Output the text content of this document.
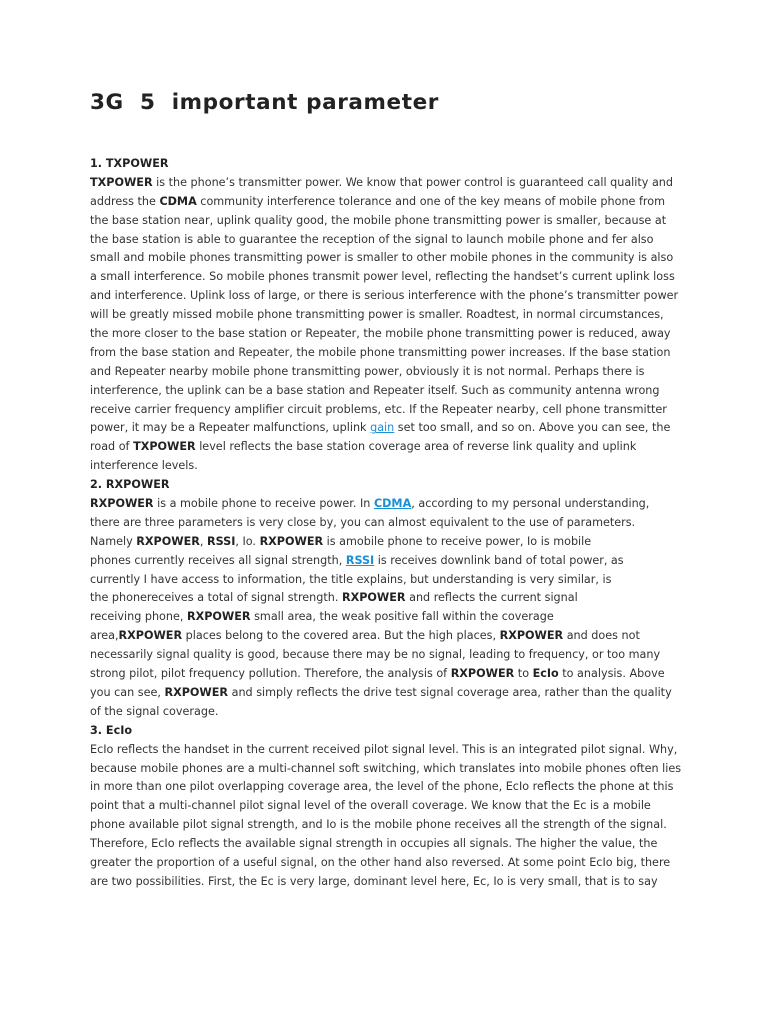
3G  5  important parameter
1. TXPOWER
TXPOWER is the phone’s transmitter power. We know that power control is guaranteed call quality and
address the CDMA community interference tolerance and one of the key means of mobile phone from
the base station near, uplink quality good, the mobile phone transmitting power is smaller, because at
the base station is able to guarantee the reception of the signal to launch mobile phone and fer also
small and mobile phones transmitting power is smaller to other mobile phones in the community is also
a small interference. So mobile phones transmit power level, reflecting the handset’s current uplink loss
and interference. Uplink loss of large, or there is serious interference with the phone’s transmitter power
will be greatly missed mobile phone transmitting power is smaller. Roadtest, in normal circumstances,
the more closer to the base station or Repeater, the mobile phone transmitting power is reduced, away
from the base station and Repeater, the mobile phone transmitting power increases. If the base station
and Repeater nearby mobile phone transmitting power, obviously it is not normal. Perhaps there is
interference, the uplink can be a base station and Repeater itself. Such as community antenna wrong
receive carrier frequency amplifier circuit problems, etc. If the Repeater nearby, cell phone transmitter
power, it may be a Repeater malfunctions, uplink gain set too small, and so on. Above you can see, the
road of TXPOWER level reflects the base station coverage area of reverse link quality and uplink
interference levels.
2. RXPOWER
RXPOWER is a mobile phone to receive power. In CDMA, according to my personal understanding,
there are three parameters is very close by, you can almost equivalent to the use of parameters.
Namely RXPOWER, RSSI, Io. RXPOWER is amobile phone to receive power, Io is mobile
phones currently receives all signal strength, RSSI is receives downlink band of total power, as
currently I have access to information, the title explains, but understanding is very similar, is
the phonereceives a total of signal strength. RXPOWER and reflects the current signal
receiving phone, RXPOWER small area, the weak positive fall within the coverage
area,RXPOWER places belong to the covered area. But the high places, RXPOWER and does not
necessarily signal quality is good, because there may be no signal, leading to frequency, or too many
strong pilot, pilot frequency pollution. Therefore, the analysis of RXPOWER to EcIo to analysis. Above
you can see, RXPOWER and simply reflects the drive test signal coverage area, rather than the quality
of the signal coverage.
3. EcIo
EcIo reflects the handset in the current received pilot signal level. This is an integrated pilot signal. Why,
because mobile phones are a multi-channel soft switching, which translates into mobile phones often lies
in more than one pilot overlapping coverage area, the level of the phone, EcIo reflects the phone at this
point that a multi-channel pilot signal level of the overall coverage. We know that the Ec is a mobile
phone available pilot signal strength, and Io is the mobile phone receives all the strength of the signal.
Therefore, EcIo reflects the available signal strength in occupies all signals. The higher the value, the
greater the proportion of a useful signal, on the other hand also reversed. At some point EcIo big, there
are two possibilities. First, the Ec is very large, dominant level here, Ec, Io is very small, that is to say
